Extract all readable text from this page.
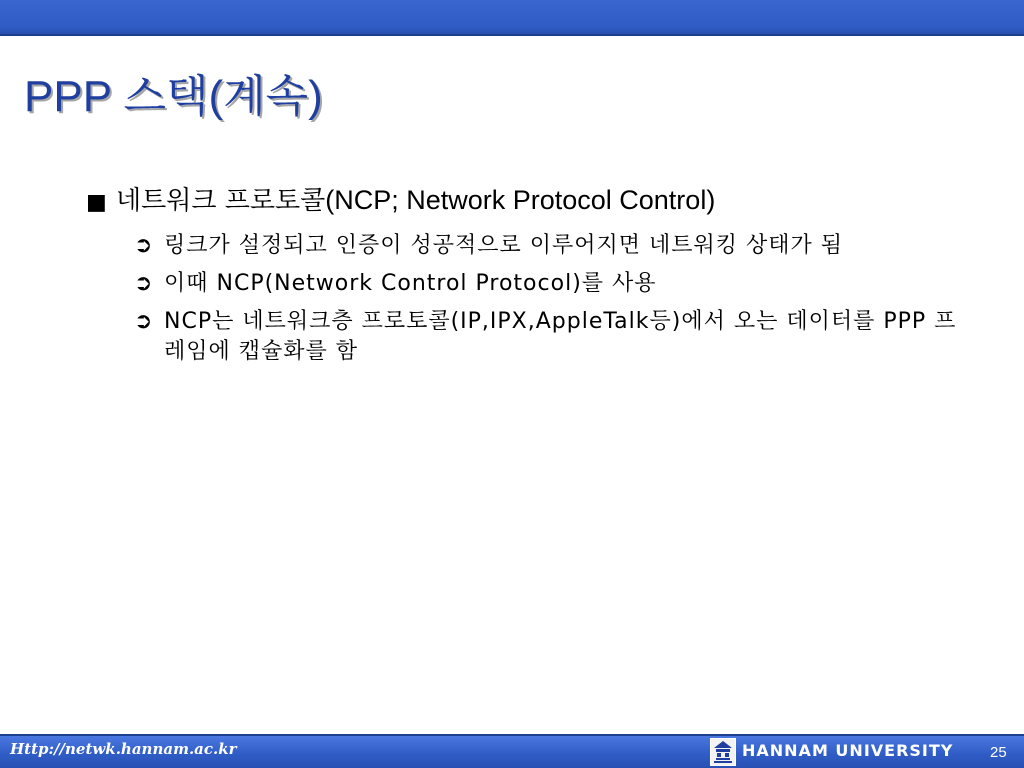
PPP 스택(계속)
■ 네트워크 프로토콜(NCP; Network Protocol Control)
➲ 링크가 설정되고 인증이 성공적으로 이루어지면 네트워킹 상태가 됨
➲ 이때 NCP(Network Control Protocol)를 사용
➲ NCP는 네트워크층 프로토콜(IP,IPX,AppleTalk등)에서 오는 데이터를 PPP 프레임에 캡슐화를 함
Http://netwk.hannam.ac.kr	HANNAM UNIVERSITY 25
